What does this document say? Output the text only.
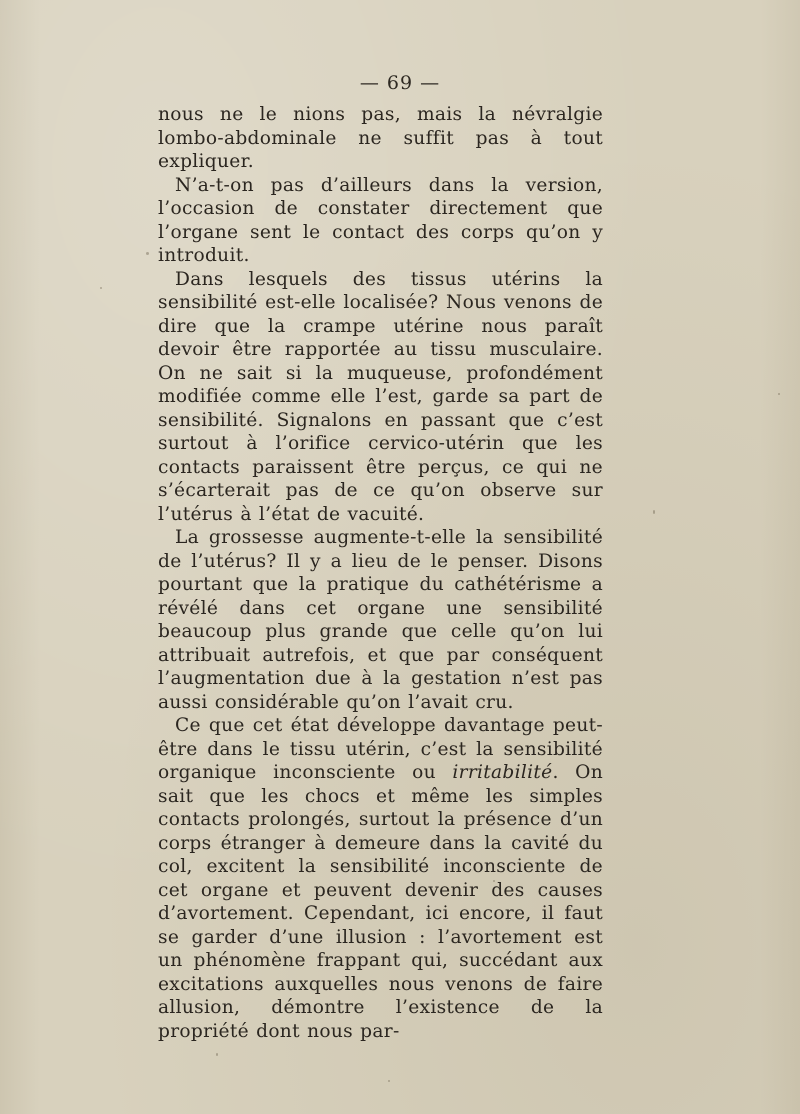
— 69 —

nous ne le nions pas, mais la névralgie lombo-abdominale ne suffit pas à tout expliquer.

N’a-t-on pas d’ailleurs dans la version, l’occasion de constater directement que l’organe sent le contact des corps qu’on y introduit.

Dans lesquels des tissus utérins la sensibilité est-elle localisée? Nous venons de dire que la crampe utérine nous paraît devoir être rapportée au tissu musculaire. On ne sait si la muqueuse, profondément modifiée comme elle l’est, garde sa part de sensibilité. Signalons en passant que c’est surtout à l’orifice cervico-utérin que les contacts paraissent être perçus, ce qui ne s’écarterait pas de ce qu’on observe sur l’utérus à l’état de vacuité.

La grossesse augmente-t-elle la sensibilité de l’utérus? Il y a lieu de le penser. Disons pourtant que la pratique du cathétérisme a révélé dans cet organe une sensibilité beaucoup plus grande que celle qu’on lui attribuait autrefois, et que par conséquent l’augmentation due à la gestation n’est pas aussi considérable qu’on l’avait cru.

Ce que cet état développe davantage peut-être dans le tissu utérin, c’est la sensibilité organique inconsciente ou irritabilité. On sait que les chocs et même les simples contacts prolongés, surtout la présence d’un corps étranger à demeure dans la cavité du col, excitent la sensibilité inconsciente de cet organe et peuvent devenir des causes d’avortement. Cependant, ici encore, il faut se garder d’une illusion : l’avortement est un phénomène frappant qui, succédant aux excitations auxquelles nous venons de faire allusion, démontre l’existence de la propriété dont nous par-
